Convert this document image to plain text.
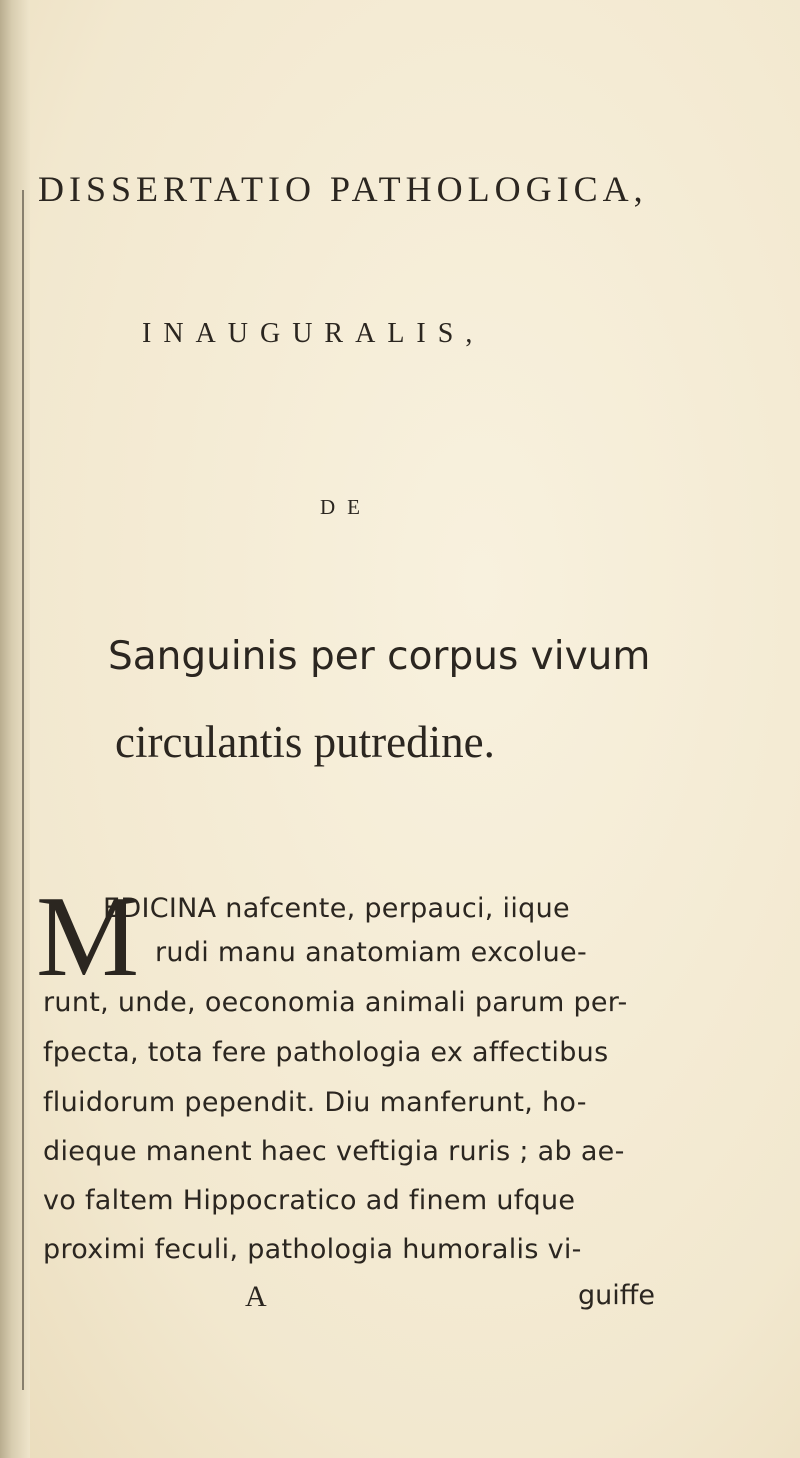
DISSERTATIO PATHOLOGICA,
INAUGURALIS,
DE
Sanguinis per corpus vivum
circulantis putredine.
M
EDICINA nafcente, perpauci, iique
rudi manu anatomiam excolue-
runt, unde, oeconomia animali parum per-
fpecta, tota fere pathologia ex affectibus
fluidorum pependit. Diu manferunt, ho-
dieque manent haec veftigia ruris ; ab ae-
vo faltem Hippocratico ad finem ufque
proximi feculi, pathologia humoralis vi-
A	guiffe
